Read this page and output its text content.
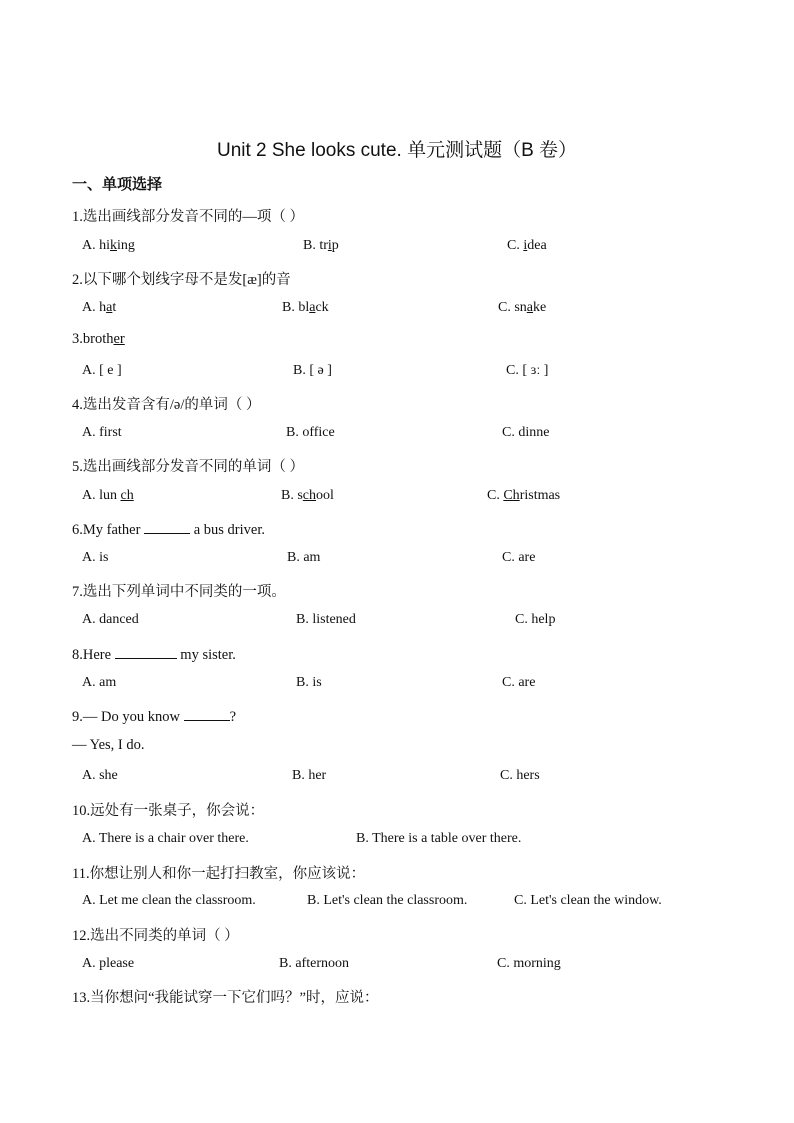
Unit 2 She looks cute. 单元测试题（B 卷）
一、单项选择
1.选出画线部分发音不同的—项（ ）
A. hiking	B. trip	C. idea
2.以下哪个划线字母不是发[æ]的音
A. hat	B. black	C. snake
3.brother
A. [ e ]	B. [ ə ]	C. [ ɜː ]
4.选出发音含有/ə/的单词（ ）
A. first	B. office	C. dinne
5.选出画线部分发音不同的单词（ ）
A. lun ch	B. school	C. Christmas
6.My father	a bus driver.
A. is	B. am	C. are
7.选出下列单词中不同类的一项。
A. danced	B. listened	C. help
8.Here	my sister.
A. am	B. is	C. are
9.— Do you know	?
— Yes, I do.
A. she	B. her	C. hers
10.远处有一张桌子，你会说：
A. There is a chair over there.	B. There is a table over there.
11.你想让别人和你一起打扫教室，你应该说：
A. Let me clean the classroom.	B. Let's clean the classroom.	C. Let's clean the window.
12.选出不同类的单词（ ）
A. please	B. afternoon	C. morning
13.当你想问“我能试穿一下它们吗？”时，应说：
